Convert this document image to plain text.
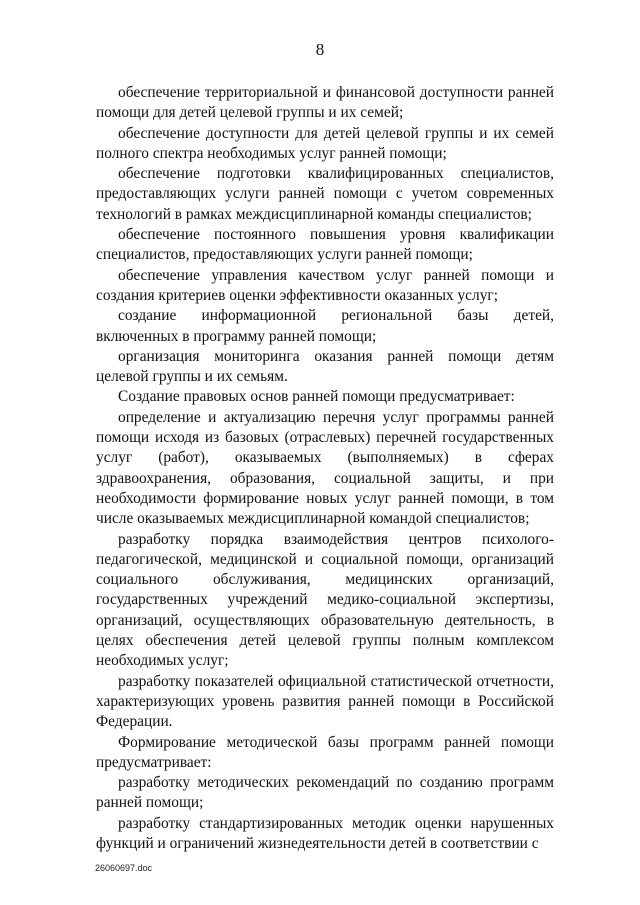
8

обеспечение территориальной и финансовой доступности ранней помощи для детей целевой группы и их семей;

обеспечение доступности для детей целевой группы и их семей полного спектра необходимых услуг ранней помощи;

обеспечение подготовки квалифицированных специалистов, предоставляющих услуги ранней помощи с учетом современных технологий в рамках междисциплинарной команды специалистов;

обеспечение постоянного повышения уровня квалификации специалистов, предоставляющих услуги ранней помощи;

обеспечение управления качеством услуг ранней помощи и создания критериев оценки эффективности оказанных услуг;

создание информационной региональной базы детей, включенных в программу ранней помощи;

организация мониторинга оказания ранней помощи детям целевой группы и их семьям.

Создание правовых основ ранней помощи предусматривает:

определение и актуализацию перечня услуг программы ранней помощи исходя из базовых (отраслевых) перечней государственных услуг (работ), оказываемых (выполняемых) в сферах здравоохранения, образования, социальной защиты, и при необходимости формирование новых услуг ранней помощи, в том числе оказываемых междисциплинарной командой специалистов;

разработку порядка взаимодействия центров психолого-педагогической, медицинской и социальной помощи, организаций социального обслуживания, медицинских организаций, государственных учреждений медико-социальной экспертизы, организаций, осуществляющих образовательную деятельность, в целях обеспечения детей целевой группы полным комплексом необходимых услуг;

разработку показателей официальной статистической отчетности, характеризующих уровень развития ранней помощи в Российской Федерации.

Формирование методической базы программ ранней помощи предусматривает:

разработку методических рекомендаций по созданию программ ранней помощи;

разработку стандартизированных методик оценки нарушенных функций и ограничений жизнедеятельности детей в соответствии с

26060697.doc
